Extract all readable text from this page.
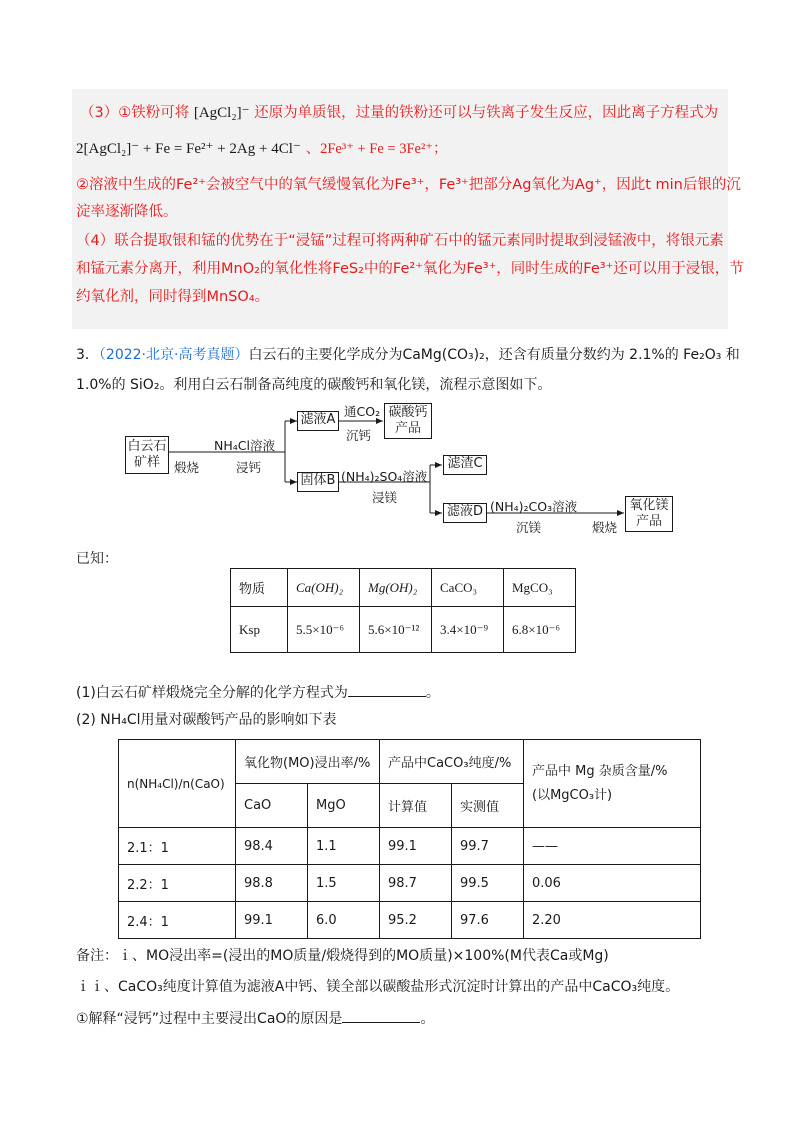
（3）①铁粉可将 [AgCl₂]⁻ 还原为单质银，过量的铁粉还可以与铁离子发生反应，因此离子方程式为
2[AgCl₂]⁻ + Fe = Fe²⁺ + 2Ag + 4Cl⁻ 、2Fe³⁺ + Fe = 3Fe²⁺；
②溶液中生成的Fe²⁺会被空气中的氧气缓慢氧化为Fe³⁺，Fe³⁺把部分Ag氧化为Ag⁺，因此t min后银的沉
淀率逐渐降低。
（4）联合提取银和锰的优势在于“浸锰”过程可将两种矿石中的锰元素同时提取到浸锰液中，将银元素
和锰元素分离开，利用MnO₂的氧化性将FeS₂中的Fe²⁺氧化为Fe³⁺，同时生成的Fe³⁺还可以用于浸银，节
约氧化剂，同时得到MnSO₄。
3．（2022·北京·高考真题）白云石的主要化学成分为CaMg(CO₃)₂，还含有质量分数约为 2.1%的 Fe₂O₃ 和
1.0%的 SiO₂。利用白云石制备高纯度的碳酸钙和氧化镁，流程示意图如下。
白云石
矿样	煅烧
NH₄Cl溶液
浸钙
滤液A
通CO₂
沉钙
碳酸钙
产品
固体B (NH₄)₂SO₄溶液
浸镁
滤渣C
滤液D (NH₄)₂CO₃溶液
沉镁	煅烧
氧化镁
产品
已知：
物质	Ca(OH)₂	Mg(OH)₂	CaCO₃	MgCO₃
Ksp	5.5×10⁻⁶	5.6×10⁻¹²	3.4×10⁻⁹	6.8×10⁻⁶
(1)白云石矿样煅烧完全分解的化学方程式为	。
(2) NH₄Cl用量对碳酸钙产品的影响如下表
n(NH₄Cl)/n(CaO)	氧化物(MO)浸出率/%		产品中CaCO₃纯度/%		产品中 Mg 杂质含量/%
(以MgCO₃计)
	CaO	MgO	计算值	实测值	
2.1：1	98.4	1.1	99.1	99.7	——
2.2：1	98.8	1.5	98.7	99.5	0.06
2.4：1	99.1	6.0	95.2	97.6	2.20
备注：ｉ、MO浸出率=(浸出的MO质量/煅烧得到的MO质量)×100%(M代表Ca或Mg)
ｉｉ、CaCO₃纯度计算值为滤液A中钙、镁全部以碳酸盐形式沉淀时计算出的产品中CaCO₃纯度。
①解释“浸钙”过程中主要浸出CaO的原因是	。
